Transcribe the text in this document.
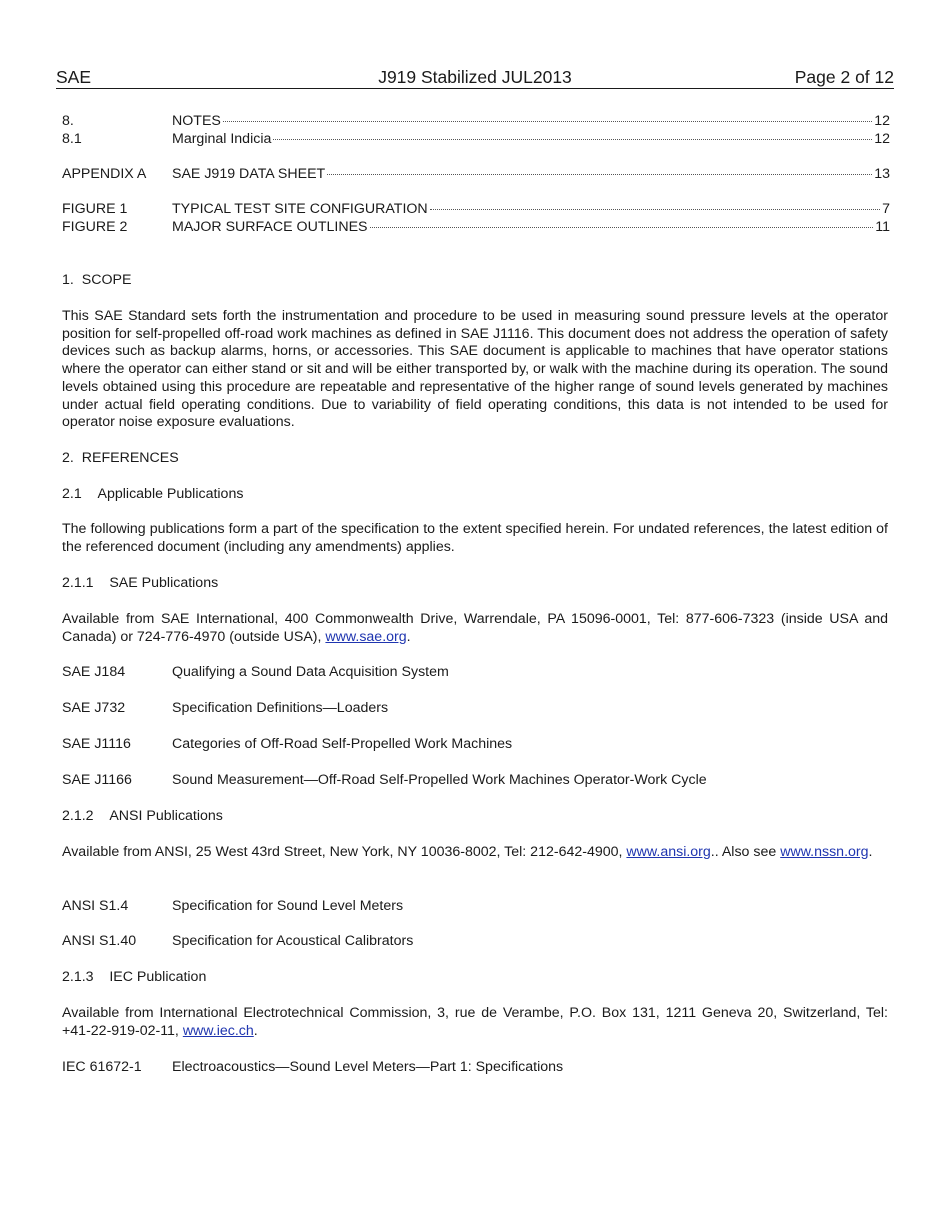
J919 Stabilized JUL2013
SAE	Page 2 of 12
8.	NOTES	12
8.1	Marginal Indicia	12
APPENDIX A	SAE J919 DATA SHEET	13
FIGURE 1	TYPICAL TEST SITE CONFIGURATION	7
FIGURE 2	MAJOR SURFACE OUTLINES	11
1. SCOPE
This SAE Standard sets forth the instrumentation and procedure to be used in measuring sound pressure levels at the operator position for self-propelled off-road work machines as defined in SAE J1116. This document does not address the operation of safety devices such as backup alarms, horns, or accessories. This SAE document is applicable to machines that have operator stations where the operator can either stand or sit and will be either transported by, or walk with the machine during its operation. The sound levels obtained using this procedure are repeatable and representative of the higher range of sound levels generated by machines under actual field operating conditions. Due to variability of field operating conditions, this data is not intended to be used for operator noise exposure evaluations.
2. REFERENCES
2.1 Applicable Publications
The following publications form a part of the specification to the extent specified herein. For undated references, the latest edition of the referenced document (including any amendments) applies.
2.1.1 SAE Publications
Available from SAE International, 400 Commonwealth Drive, Warrendale, PA 15096-0001, Tel: 877-606-7323 (inside USA and Canada) or 724-776-4970 (outside USA), www.sae.org.
SAE J184	Qualifying a Sound Data Acquisition System
SAE J732	Specification Definitions—Loaders
SAE J1116	Categories of Off-Road Self-Propelled Work Machines
SAE J1166	Sound Measurement—Off-Road Self-Propelled Work Machines Operator-Work Cycle
2.1.2 ANSI Publications
Available from ANSI, 25 West 43rd Street, New York, NY 10036-8002, Tel: 212-642-4900, www.ansi.org.. Also see www.nssn.org.
ANSI S1.4	Specification for Sound Level Meters
ANSI S1.40	Specification for Acoustical Calibrators
2.1.3 IEC Publication
Available from International Electrotechnical Commission, 3, rue de Verambe, P.O. Box 131, 1211 Geneva 20, Switzerland, Tel: +41-22-919-02-11, www.iec.ch.
IEC 61672-1	Electroacoustics—Sound Level Meters—Part 1: Specifications
